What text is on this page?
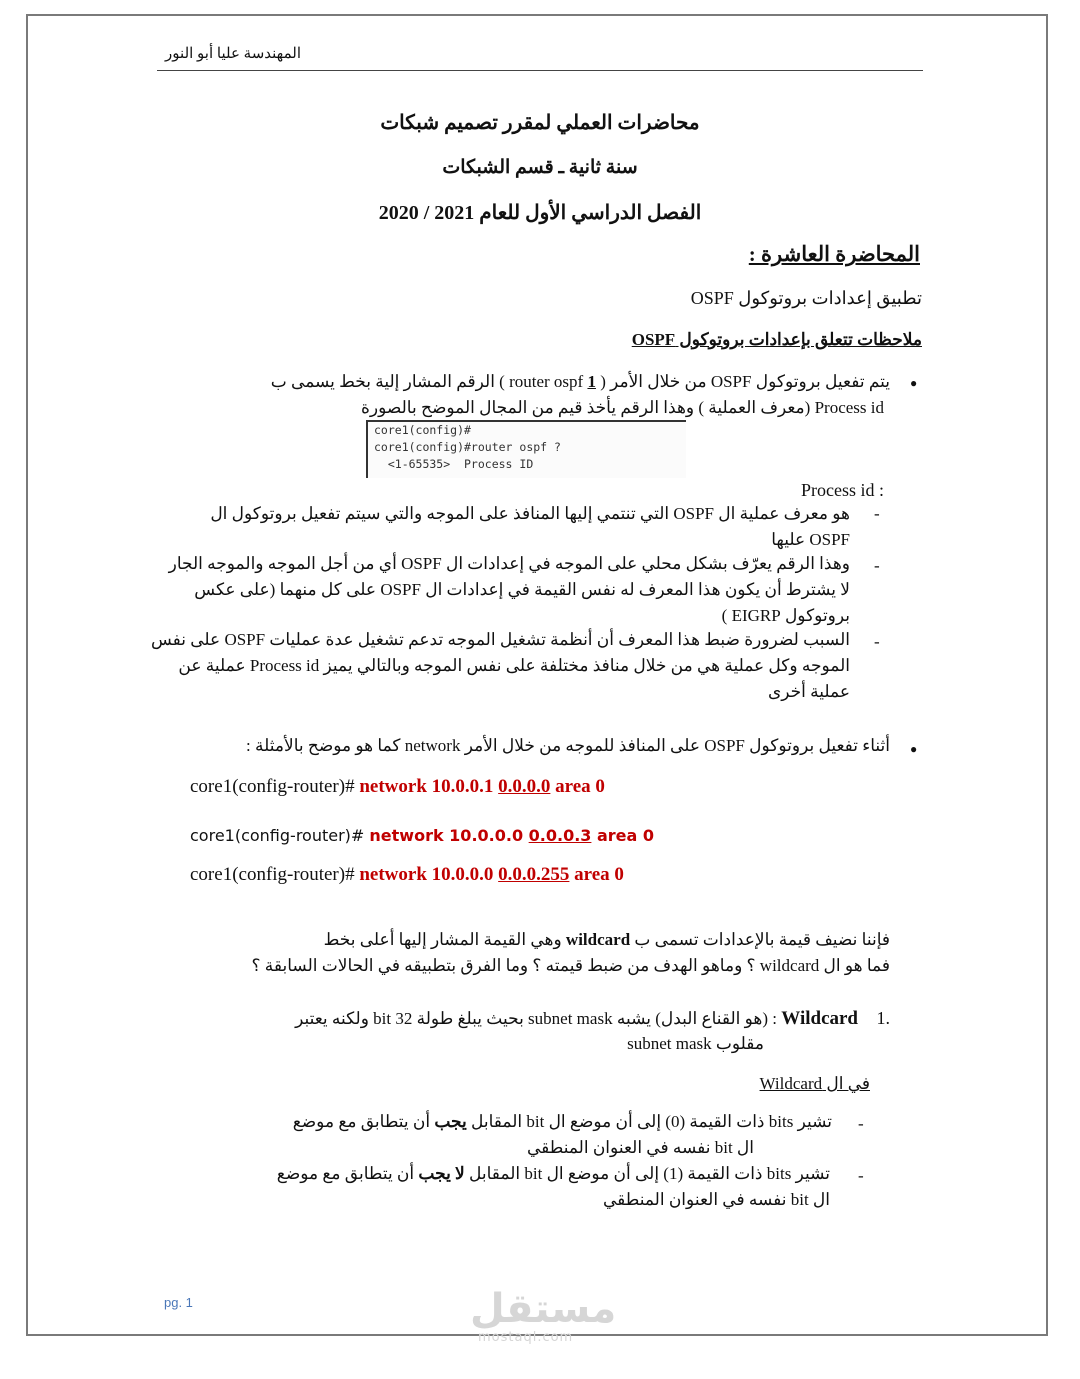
المهندسة عليا أبو النور
محاضرات العملي لمقرر تصميم شبكات
سنة ثانية ـ قسم الشبكات
الفصل الدراسي الأول للعام 2021 / 2020
المحاضرة العاشرة :
تطبيق إعدادات بروتوكول OSPF
ملاحظات تتعلق بإعدادات بروتوكول OSPF
●
يتم تفعيل بروتوكول OSPF من خلال الأمر ( 1 router ospf ) الرقم المشار إلية بخط يسمى ب
Process id (معرف العملية ) وهذا الرقم يأخذ قيم من المجال الموضح بالصورة
core1(config)#
core1(config)#router ospf ?
<1-65535>  Process ID
Process id :
-
هو معرف عملية ال OSPF التي تنتمي إليها المنافذ على الموجه والتي سيتم تفعيل بروتوكول ال
OSPF عليها
-
وهذا الرقم يعرّف بشكل محلي على الموجه في إعدادات ال OSPF أي من أجل الموجه والموجه الجار
لا يشترط أن يكون هذا المعرف له نفس القيمة في إعدادات ال OSPF على كل منهما (على عكس
بروتوكول EIGRP )
-
السبب لضرورة ضبط هذا المعرف أن أنظمة تشغيل الموجه تدعم تشغيل عدة عمليات OSPF على نفس
الموجه وكل عملية هي من خلال منافذ مختلفة على نفس الموجه وبالتالي يميز Process id عملية عن
عملية أخرى
●
أثناء تفعيل بروتوكول OSPF على المنافذ للموجه من خلال الأمر network كما هو موضح بالأمثلة :
core1(config-router)# network 10.0.0.1 0.0.0.0 area 0
core1(config-router)# network 10.0.0.0 0.0.0.3 area 0
core1(config-router)# network 10.0.0.0 0.0.0.255 area 0
فإننا نضيف قيمة بالإعدادات تسمى ب wildcard وهي القيمة المشار إليها أعلى بخط
فما هو ال wildcard ؟ وماهو الهدف من ضبط قيمته ؟ وما الفرق بتطبيقه في الحالات السابقة ؟
.1
Wildcard : (هو القناع البدل) يشبه subnet mask بحيث يبلغ طولة 32 bit ولكنه يعتبر
مقلوب subnet mask
في ال Wildcard
-
تشير bits ذات القيمة (0) إلى أن موضع ال bit المقابل يجب أن يتطابق مع موضع
ال bit نفسه في العنوان المنطقي
-
تشير bits ذات القيمة (1) إلى أن موضع ال bit المقابل لا يجب أن يتطابق مع موضع
ال bit نفسه في العنوان المنطقي
pg. 1	مستقل
mostaql.com
